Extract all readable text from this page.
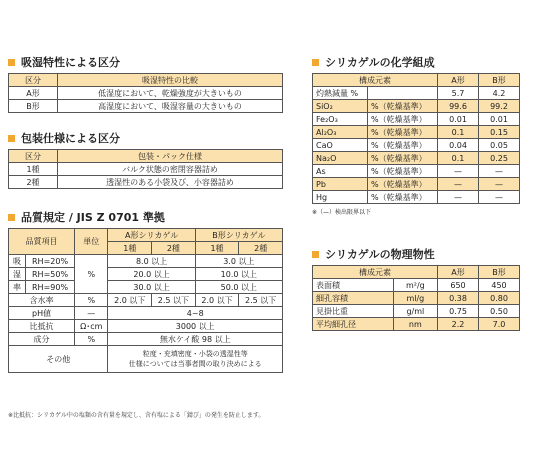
吸湿特性による区分
区分	吸湿特性の比較
A形	低湿度において、乾燥強度が大きいもの
B形	高湿度において、吸湿容量の大きいもの
包装仕様による区分
区分	包装・パック仕様
1種	バルク状態の密閉容器詰め
2種	透湿性のある小袋及び、小容器詰め
品質規定 / JIS Z 0701 準拠
品質項目		単位	A形シリカゲル		B形シリカゲル	
			1種	2種	1種	2種
吸	RH=20%	%	8.0 以上		3.0 以上	
湿	RH=50%		20.0 以上		10.0 以上	
率	RH=90%		30.0 以上		50.0 以上	
含水率		%	2.0 以下	2.5 以下	2.0 以下	2.5 以下
pH値		—	4~8			
比抵抗		Ω･cm	3000 以上			
成分		%	無水ケイ酸 98 以上			
その他			粒度・充填密度・小袋の透湿性等
仕様については当事者間の取り決めによる			
※比抵抗：シリカゲル中の塩類の含有量を規定し、含有塩による「錆び」の発生を防止します。
シリカゲルの化学組成
構成元素		A形	B形
灼熱減量 %		5.7	4.2
SiO₂	%（乾燥基準）	99.6	99.2
Fe₂O₃	%（乾燥基準）	0.01	0.01
Al₂O₃	%（乾燥基準）	0.1	0.15
CaO	%（乾燥基準）	0.04	0.05
Na₂O	%（乾燥基準）	0.1	0.25
As	%（乾燥基準）	—	—
Pb	%（乾燥基準）	—	—
Hg	%（乾燥基準）	—	—
※（—）検出限界以下
シリカゲルの物理物性
構成元素		A形	B形
表面積	m²/g	650	450
細孔容積	ml/g	0.38	0.80
見掛比重	g/ml	0.75	0.50
平均細孔径	nm	2.2	7.0
